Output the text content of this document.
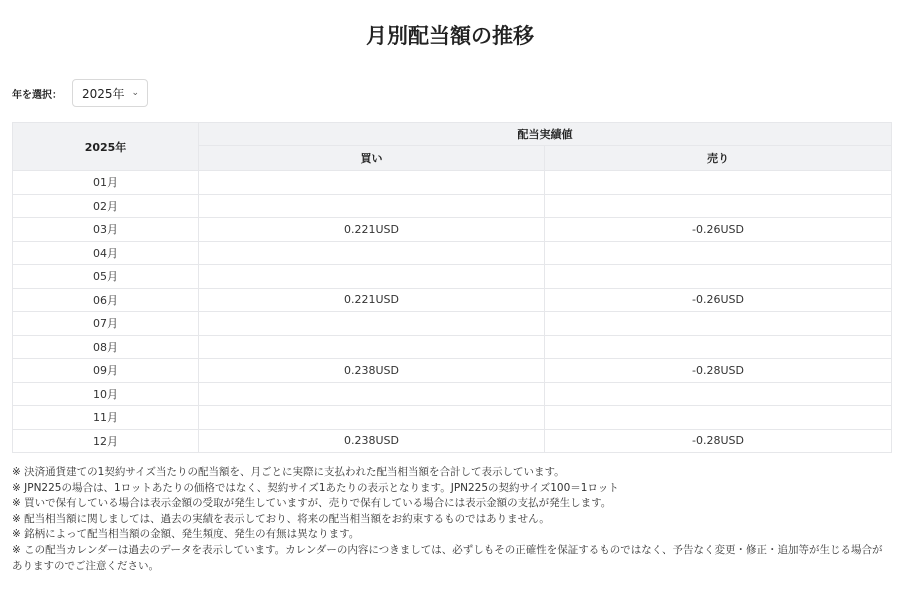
月別配当額の推移
年を選択： 2025年 ⌄
2025年	配当実績値	
	買い	売り
01月		
02月		
03月	0.221USD	-0.26USD
04月		
05月		
06月	0.221USD	-0.26USD
07月		
08月		
09月	0.238USD	-0.28USD
10月		
11月		
12月	0.238USD	-0.28USD

※ 決済通貨建ての1契約サイズ当たりの配当額を、月ごとに実際に支払われた配当相当額を合計して表示しています。

※ JPN225の場合は、1ロットあたりの価格ではなく、契約サイズ1あたりの表示となります。JPN225の契約サイズ100＝1ロット

※ 買いで保有している場合は表示金額の受取が発生していますが、売りで保有している場合には表示金額の支払が発生します。

※ 配当相当額に関しましては、過去の実績を表示しており、将来の配当相当額をお約束するものではありません。

※ 銘柄によって配当相当額の金額、発生頻度、発生の有無は異なります。

※ この配当カレンダーは過去のデータを表示しています。カレンダーの内容につきましては、必ずしもその正確性を保証するものではなく、予告なく変更・修正・追加等が生じる場合がありますのでご注意ください。
